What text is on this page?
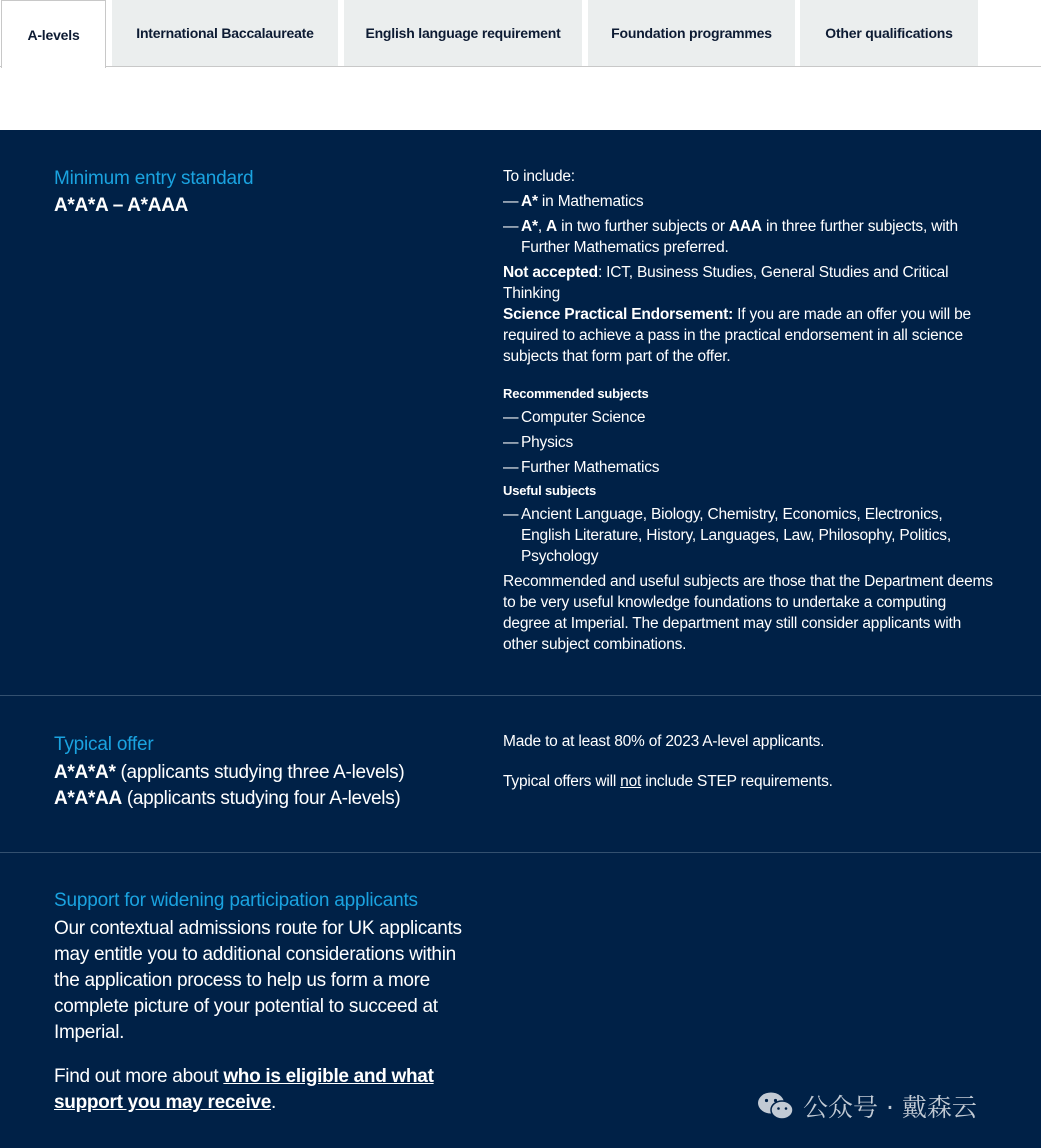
A-levels	International Baccalaureate	English language requirement	Foundation programmes	Other qualifications
Minimum entry standard
A*A*A – A*AAA

To include:

— A* in Mathematics
— A*, A in two further subjects or AAA in three further subjects, with Further Mathematics preferred.

Not accepted: ICT, Business Studies, General Studies and Critical Thinking

Science Practical Endorsement: If you are made an offer you will be required to achieve a pass in the practical endorsement in all science subjects that form part of the offer.

Recommended subjects
— Computer Science
— Physics
— Further Mathematics
Useful subjects
— Ancient Language, Biology, Chemistry, Economics, Electronics, English Literature, History, Languages, Law, Philosophy, Politics, Psychology

Recommended and useful subjects are those that the Department deems to be very useful knowledge foundations to undertake a computing degree at Imperial. The department may still consider applicants with other subject combinations.

Typical offer
A*A*A* (applicants studying three A-levels)
A*A*AA (applicants studying four A-levels)

Made to at least 80% of 2023 A-level applicants.

Typical offers will not include STEP requirements.

Support for widening participation applicants
Our contextual admissions route for UK applicants may entitle you to additional considerations within the application process to help us form a more complete picture of your potential to succeed at Imperial.
Find out more about who is eligible and what support you may receive.	公众号 · 戴森云
